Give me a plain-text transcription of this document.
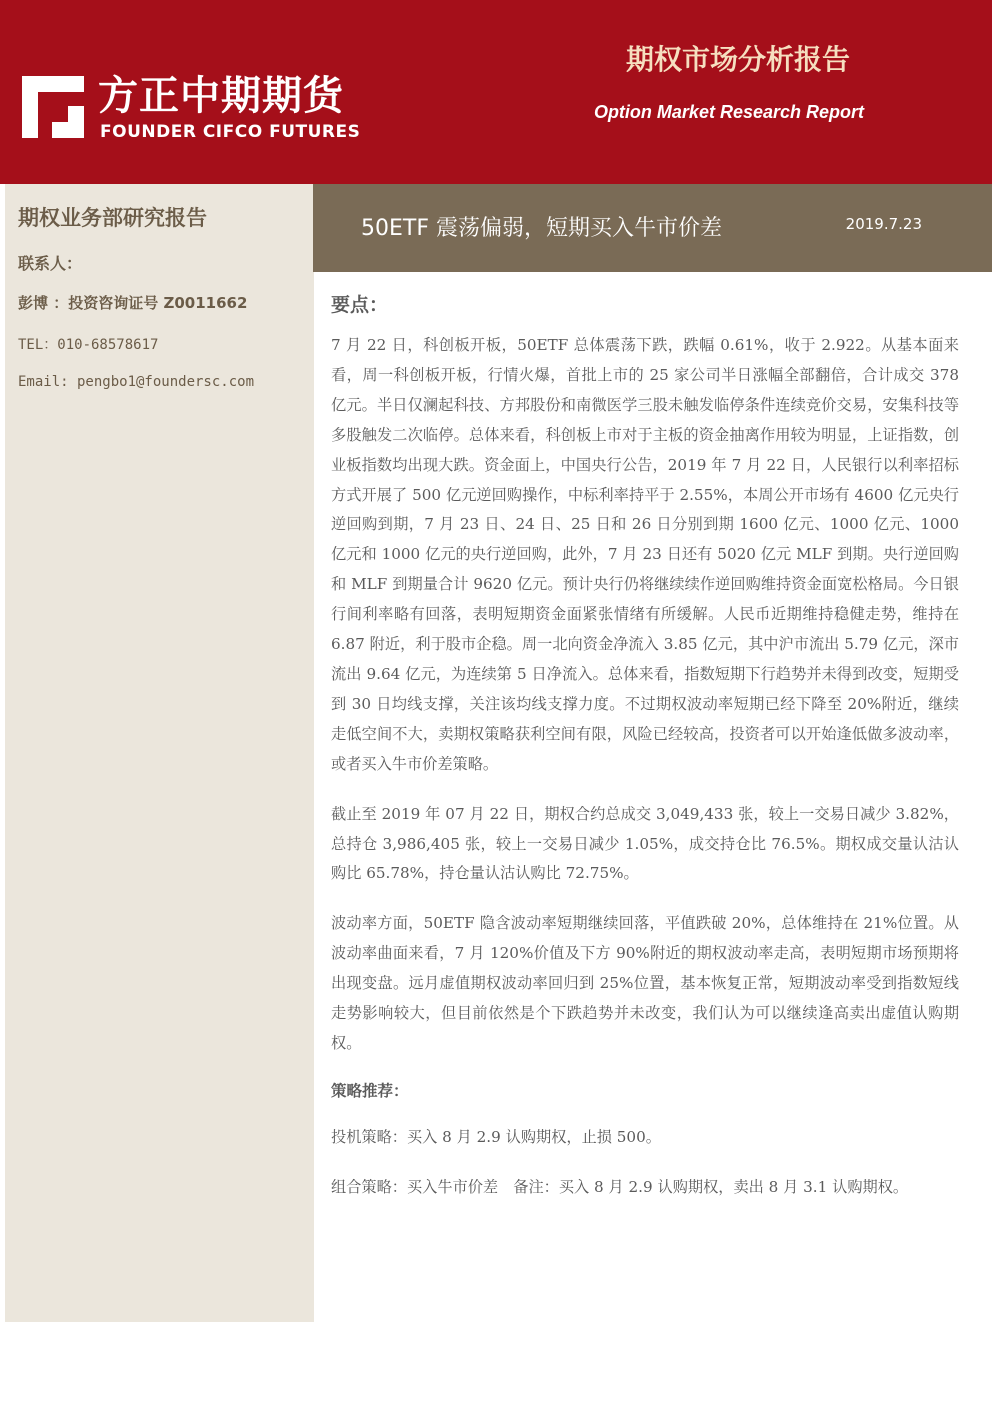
方正中期期货
FOUNDER CIFCO FUTURES
期权市场分析报告
Option Market Research Report
期权业务部研究报告
联系人：
彭博 ：投资咨询证号 Z0011662
TEL：010-68578617
Email: pengbo1@foundersc.com
50ETF 震荡偏弱，短期买入牛市价差	2019.7.23
要点：

7 月 22 日，科创板开板，50ETF 总体震荡下跌，跌幅 0.61%，收于 2.922。从基本面来看，周一科创板开板，行情火爆，首批上市的 25 家公司半日涨幅全部翻倍，合计成交 378 亿元。半日仅澜起科技、方邦股份和南微医学三股未触发临停条件连续竞价交易，安集科技等多股触发二次临停。总体来看，科创板上市对于主板的资金抽离作用较为明显，上证指数，创业板指数均出现大跌。资金面上，中国央行公告，2019 年 7 月 22 日，人民银行以利率招标方式开展了 500 亿元逆回购操作，中标利率持平于 2.55%，本周公开市场有 4600 亿元央行逆回购到期，7 月 23 日、24 日、25 日和 26 日分别到期 1600 亿元、1000 亿元、1000 亿元和 1000 亿元的央行逆回购，此外，7 月 23 日还有 5020 亿元 MLF 到期。央行逆回购和 MLF 到期量合计 9620 亿元。预计央行仍将继续续作逆回购维持资金面宽松格局。今日银行间利率略有回落，表明短期资金面紧张情绪有所缓解。人民币近期维持稳健走势，维持在 6.87 附近，利于股市企稳。周一北向资金净流入 3.85 亿元，其中沪市流出 5.79 亿元，深市流出 9.64 亿元，为连续第 5 日净流入。总体来看，指数短期下行趋势并未得到改变，短期受到 30 日均线支撑，关注该均线支撑力度。不过期权波动率短期已经下降至 20%附近，继续走低空间不大，卖期权策略获利空间有限，风险已经较高，投资者可以开始逢低做多波动率，或者买入牛市价差策略。

截止至 2019 年 07 月 22 日，期权合约总成交 3,049,433 张，较上一交易日减少 3.82%，总持仓 3,986,405 张，较上一交易日减少 1.05%，成交持仓比 76.5%。期权成交量认沽认购比 65.78%，持仓量认沽认购比 72.75%。

波动率方面，50ETF 隐含波动率短期继续回落，平值跌破 20%，总体维持在 21%位置。从波动率曲面来看，7 月 120%价值及下方 90%附近的期权波动率走高，表明短期市场预期将出现变盘。远月虚值期权波动率回归到 25%位置，基本恢复正常，短期波动率受到指数短线走势影响较大，但目前依然是个下跌趋势并未改变，我们认为可以继续逢高卖出虚值认购期权。

策略推荐：

投机策略：买入 8 月 2.9 认购期权，止损 500。

组合策略：买入牛市价差　备注：买入 8 月 2.9 认购期权，卖出 8 月 3.1 认购期权。
